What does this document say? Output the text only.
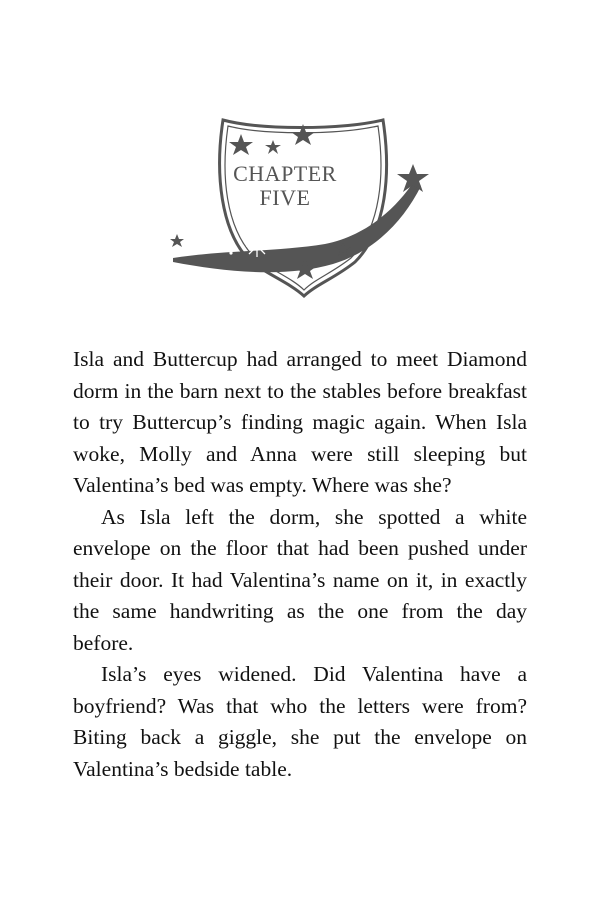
CHAPTER
FIVE

Isla and Buttercup had arranged to meet Diamond dorm in the barn next to the stables before breakfast to try Buttercup’s finding magic again. When Isla woke, Molly and Anna were still sleeping but Valentina’s bed was empty. Where was she?

As Isla left the dorm, she spotted a white envelope on the floor that had been pushed under their door. It had Valentina’s name on it, in exactly the same handwriting as the one from the day before.

Isla’s eyes widened. Did Valentina have a boyfriend? Was that who the letters were from? Biting back a giggle, she put the envelope on Valentina’s bedside table.
